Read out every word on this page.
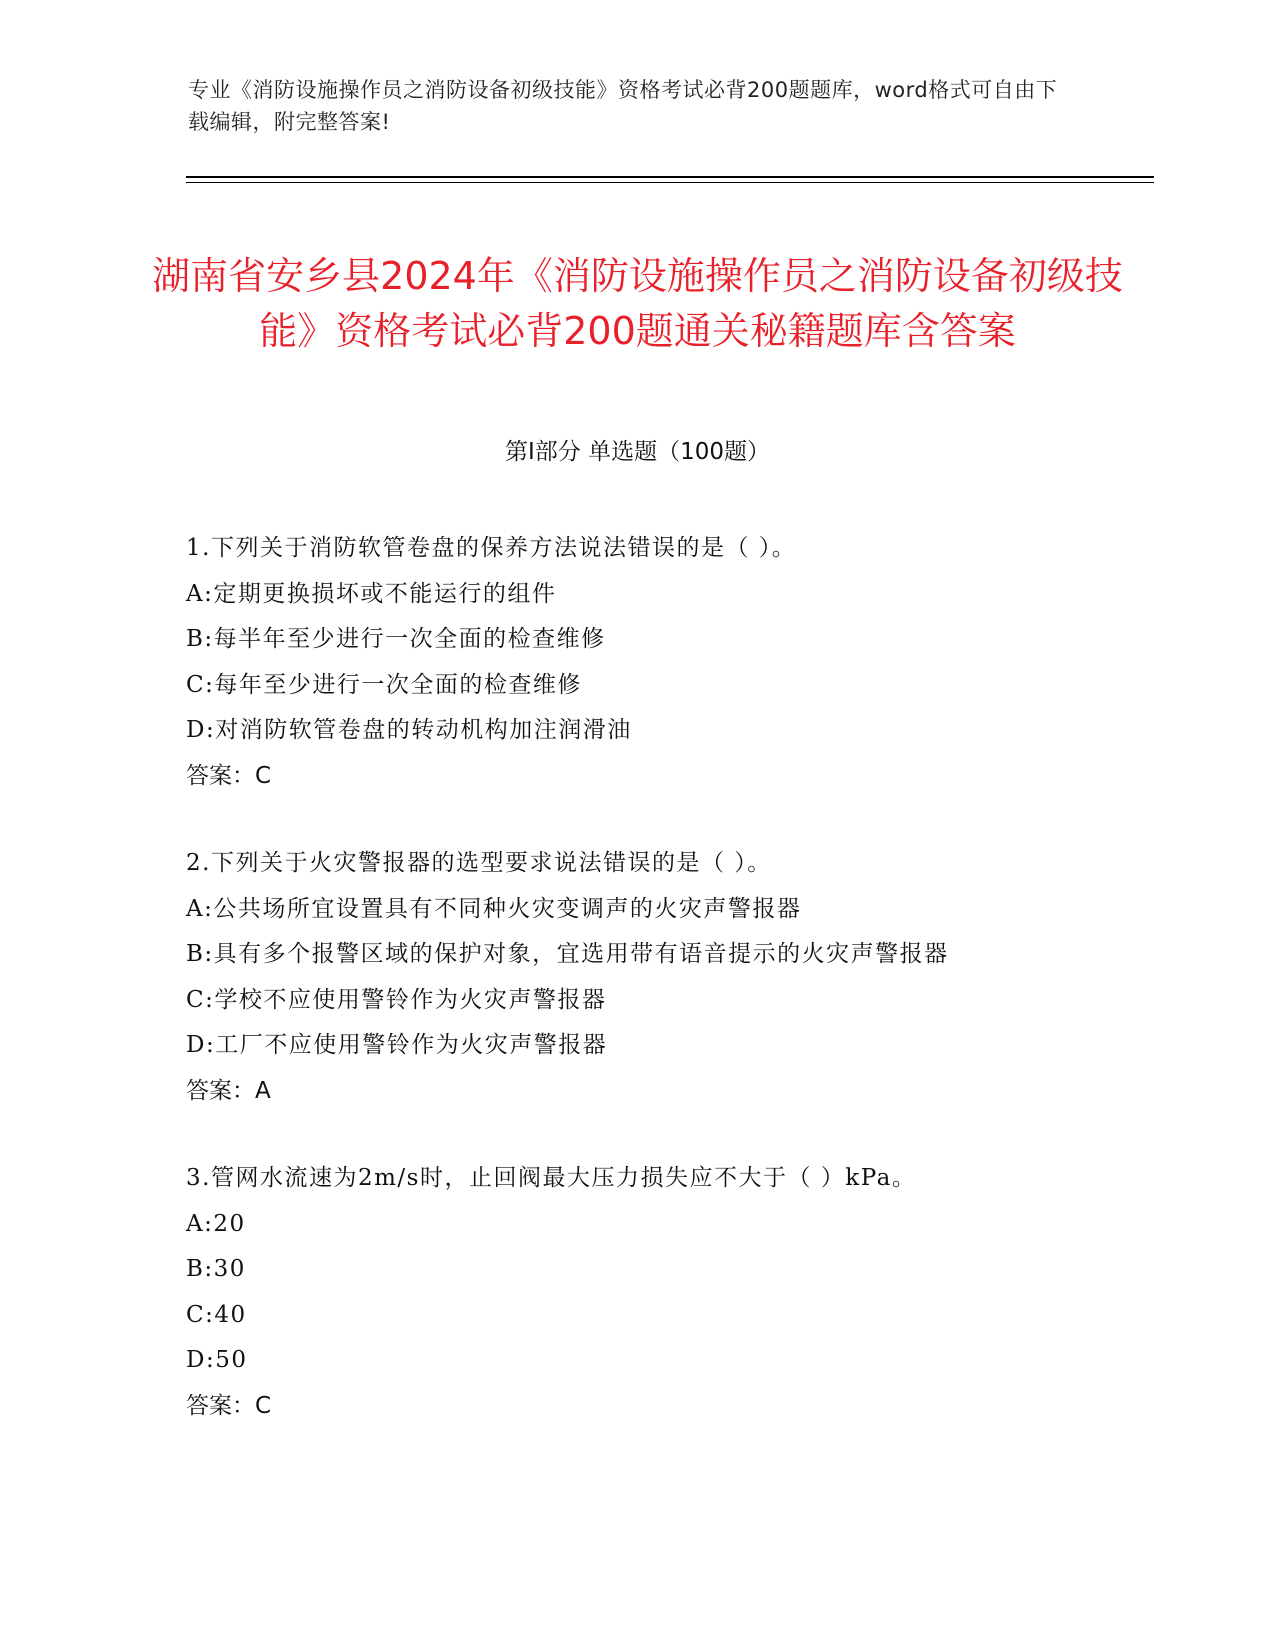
专业《消防设施操作员之消防设备初级技能》资格考试必背200题题库，word格式可自由下载编辑，附完整答案!
湖南省安乡县2024年《消防设施操作员之消防设备初级技能》资格考试必背200题通关秘籍题库含答案
第Ⅰ部分 单选题（100题）
1.下列关于消防软管卷盘的保养方法说法错误的是（ ）。
A:定期更换损坏或不能运行的组件
B:每半年至少进行一次全面的检查维修
C:每年至少进行一次全面的检查维修
D:对消防软管卷盘的转动机构加注润滑油
答案：C
2.下列关于火灾警报器的选型要求说法错误的是（ ）。
A:公共场所宜设置具有不同种火灾变调声的火灾声警报器
B:具有多个报警区域的保护对象，宜选用带有语音提示的火灾声警报器
C:学校不应使用警铃作为火灾声警报器
D:工厂不应使用警铃作为火灾声警报器
答案：A
3.管网水流速为2m/s时，止回阀最大压力损失应不大于（ ）kPa。
A:20
B:30
C:40
D:50
答案：C
